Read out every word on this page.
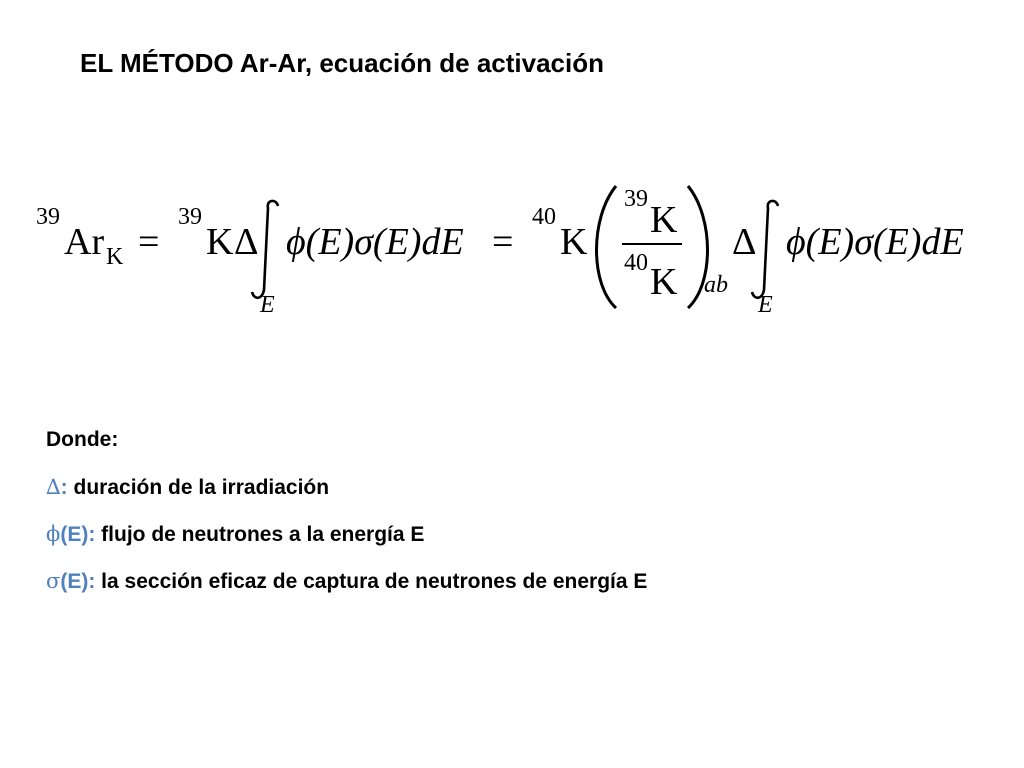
EL MÉTODO Ar-Ar, ecuación de activación
39
Ar K =
39
K Δ
E
ϕ(E)σ(E)dE =
40
K
39 K
40 K ab
Δ
E
ϕ(E)σ(E)dE
Donde:
∆: duración de la irradiación
ϕ(E): flujo de neutrones a la energía E
σ(E): la sección eficaz de captura de neutrones de energía E
